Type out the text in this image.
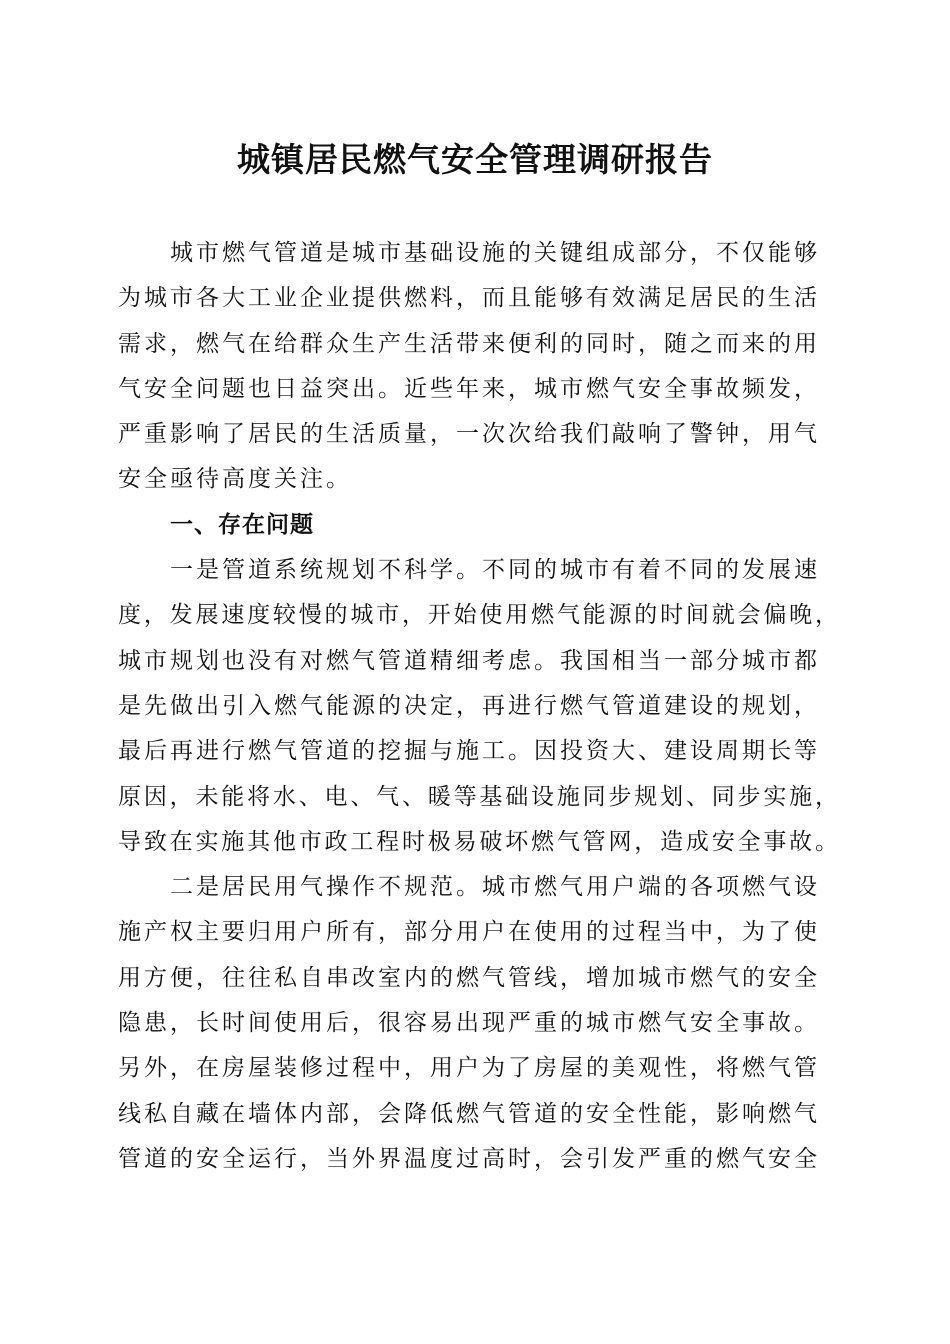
城镇居民燃气安全管理调研报告
城市燃气管道是城市基础设施的关键组成部分，不仅能够
为城市各大工业企业提供燃料，而且能够有效满足居民的生活
需求，燃气在给群众生产生活带来便利的同时，随之而来的用
气安全问题也日益突出。近些年来，城市燃气安全事故频发，
严重影响了居民的生活质量，一次次给我们敲响了警钟，用气
安全亟待高度关注。
一、存在问题
一是管道系统规划不科学。不同的城市有着不同的发展速
度，发展速度较慢的城市，开始使用燃气能源的时间就会偏晚，
城市规划也没有对燃气管道精细考虑。我国相当一部分城市都
是先做出引入燃气能源的决定，再进行燃气管道建设的规划，
最后再进行燃气管道的挖掘与施工。因投资大、建设周期长等
原因，未能将水、电、气、暖等基础设施同步规划、同步实施，
导致在实施其他市政工程时极易破坏燃气管网，造成安全事故。
二是居民用气操作不规范。城市燃气用户端的各项燃气设
施产权主要归用户所有，部分用户在使用的过程当中，为了使
用方便，往往私自串改室内的燃气管线，增加城市燃气的安全
隐患，长时间使用后，很容易出现严重的城市燃气安全事故。
另外，在房屋装修过程中，用户为了房屋的美观性，将燃气管
线私自藏在墙体内部，会降低燃气管道的安全性能，影响燃气
管道的安全运行，当外界温度过高时，会引发严重的燃气安全
